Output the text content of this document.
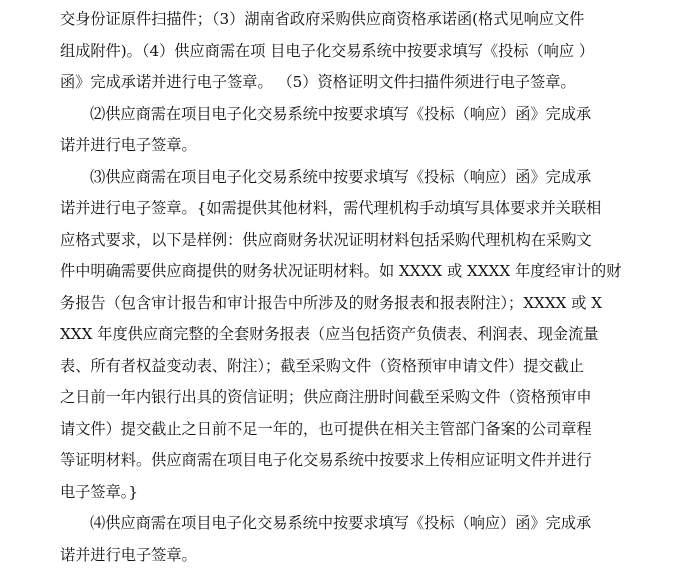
交身份证原件扫描件；（3）湖南省政府采购供应商资格承诺函(格式见响应文件
组成附件)。（4）供应商需在项 目电子化交易系统中按要求填写《投标（响应 ）
函》完成承诺并进行电子签章。 （5）资格证明文件扫描件须进行电子签章。
⑵供应商需在项目电子化交易系统中按要求填写《投标（响应）函》完成承
诺并进行电子签章。
⑶供应商需在项目电子化交易系统中按要求填写《投标（响应）函》完成承
诺并进行电子签章。{如需提供其他材料，需代理机构手动填写具体要求并关联相
应格式要求，以下是样例：供应商财务状况证明材料包括采购代理机构在采购文
件中明确需要供应商提供的财务状况证明材料。如 XXXX 或 XXXX 年度经审计的财
务报告（包含审计报告和审计报告中所涉及的财务报表和报表附注）；XXXX 或 X
XXX 年度供应商完整的全套财务报表（应当包括资产负债表、利润表、现金流量
表、所有者权益变动表、附注）；截至采购文件（资格预审申请文件）提交截止
之日前一年内银行出具的资信证明；供应商注册时间截至采购文件（资格预审申
请文件）提交截止之日前不足一年的，也可提供在相关主管部门备案的公司章程
等证明材料。供应商需在项目电子化交易系统中按要求上传相应证明文件并进行
电子签章。}
⑷供应商需在项目电子化交易系统中按要求填写《投标（响应）函》完成承
诺并进行电子签章。
